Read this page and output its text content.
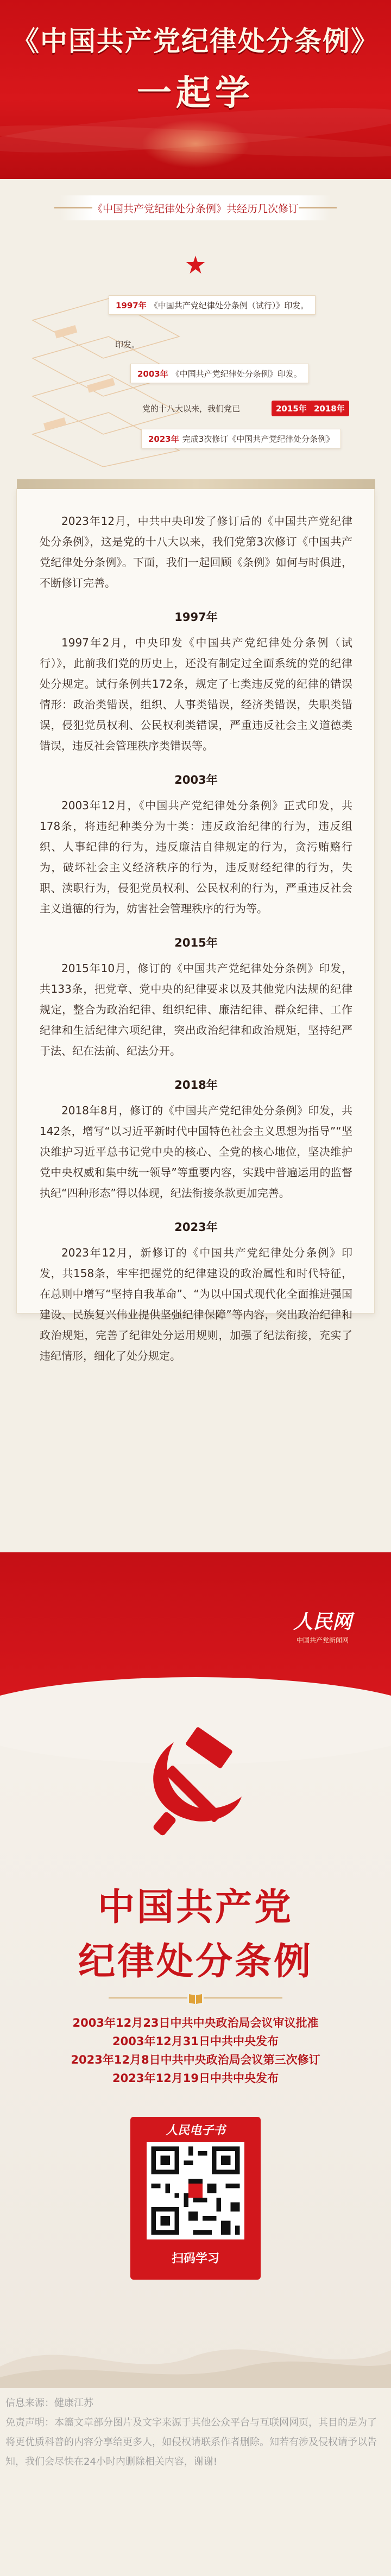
《中国共产党纪律处分条例》
一起学
《中国共产党纪律处分条例》共经历几次修订
1997年 《中国共产党纪律处分条例（试行）》印发。
印发。
2003年 《中国共产党纪律处分条例》印发。
党的十八大以来，我们党已	2015年 2018年
2023年 完成3次修订《中国共产党纪律处分条例》

2023年12月，中共中央印发了修订后的《中国共产党纪律处分条例》，这是党的十八大以来，我们党第3次修订《中国共产党纪律处分条例》。下面，我们一起回顾《条例》如何与时俱进，不断修订完善。

1997年

1997年2月，中央印发《中国共产党纪律处分条例（试行）》，此前我们党的历史上，还没有制定过全面系统的党的纪律处分规定。试行条例共172条，规定了七类违反党的纪律的错误情形：政治类错误，组织、人事类错误，经济类错误，失职类错误，侵犯党员权利、公民权利类错误，严重违反社会主义道德类错误，违反社会管理秩序类错误等。

2003年

2003年12月，《中国共产党纪律处分条例》正式印发，共178条，将违纪种类分为十类：违反政治纪律的行为，违反组织、人事纪律的行为，违反廉洁自律规定的行为，贪污贿赂行为，破坏社会主义经济秩序的行为，违反财经纪律的行为，失职、渎职行为，侵犯党员权利、公民权利的行为，严重违反社会主义道德的行为，妨害社会管理秩序的行为等。

2015年

2015年10月，修订的《中国共产党纪律处分条例》印发，共133条，把党章、党中央的纪律要求以及其他党内法规的纪律规定，整合为政治纪律、组织纪律、廉洁纪律、群众纪律、工作纪律和生活纪律六项纪律，突出政治纪律和政治规矩，坚持纪严于法、纪在法前、纪法分开。

2018年

2018年8月，修订的《中国共产党纪律处分条例》印发，共142条，增写“以习近平新时代中国特色社会主义思想为指导”“坚决维护习近平总书记党中央的核心、全党的核心地位，坚决维护党中央权威和集中统一领导”等重要内容，实践中普遍运用的监督执纪“四种形态”得以体现，纪法衔接条款更加完善。

2023年

2023年12月，新修订的《中国共产党纪律处分条例》印发，共158条，牢牢把握党的纪律建设的政治属性和时代特征，在总则中增写“坚持自我革命”、“为以中国式现代化全面推进强国建设、民族复兴伟业提供坚强纪律保障”等内容，突出政治纪律和政治规矩，完善了纪律处分运用规则，加强了纪法衔接，充实了违纪情形，细化了处分规定。

人民网
中国共产党新闻网
中国共产党
纪律处分条例
2003年12月23日中共中央政治局会议审议批准
2003年12月31日中共中央发布
2023年12月8日中共中央政治局会议第三次修订
2023年12月19日中共中央发布
人民电子书
扫码学习

信息来源：健康江苏

免责声明：本篇文章部分图片及文字来源于其他公众平台与互联网网页，其目的是为了将更优质科普的内容分享给更多人，如侵权请联系作者删除。知若有涉及侵权请予以告知，我们会尽快在24小时内删除相关内容，谢谢!
